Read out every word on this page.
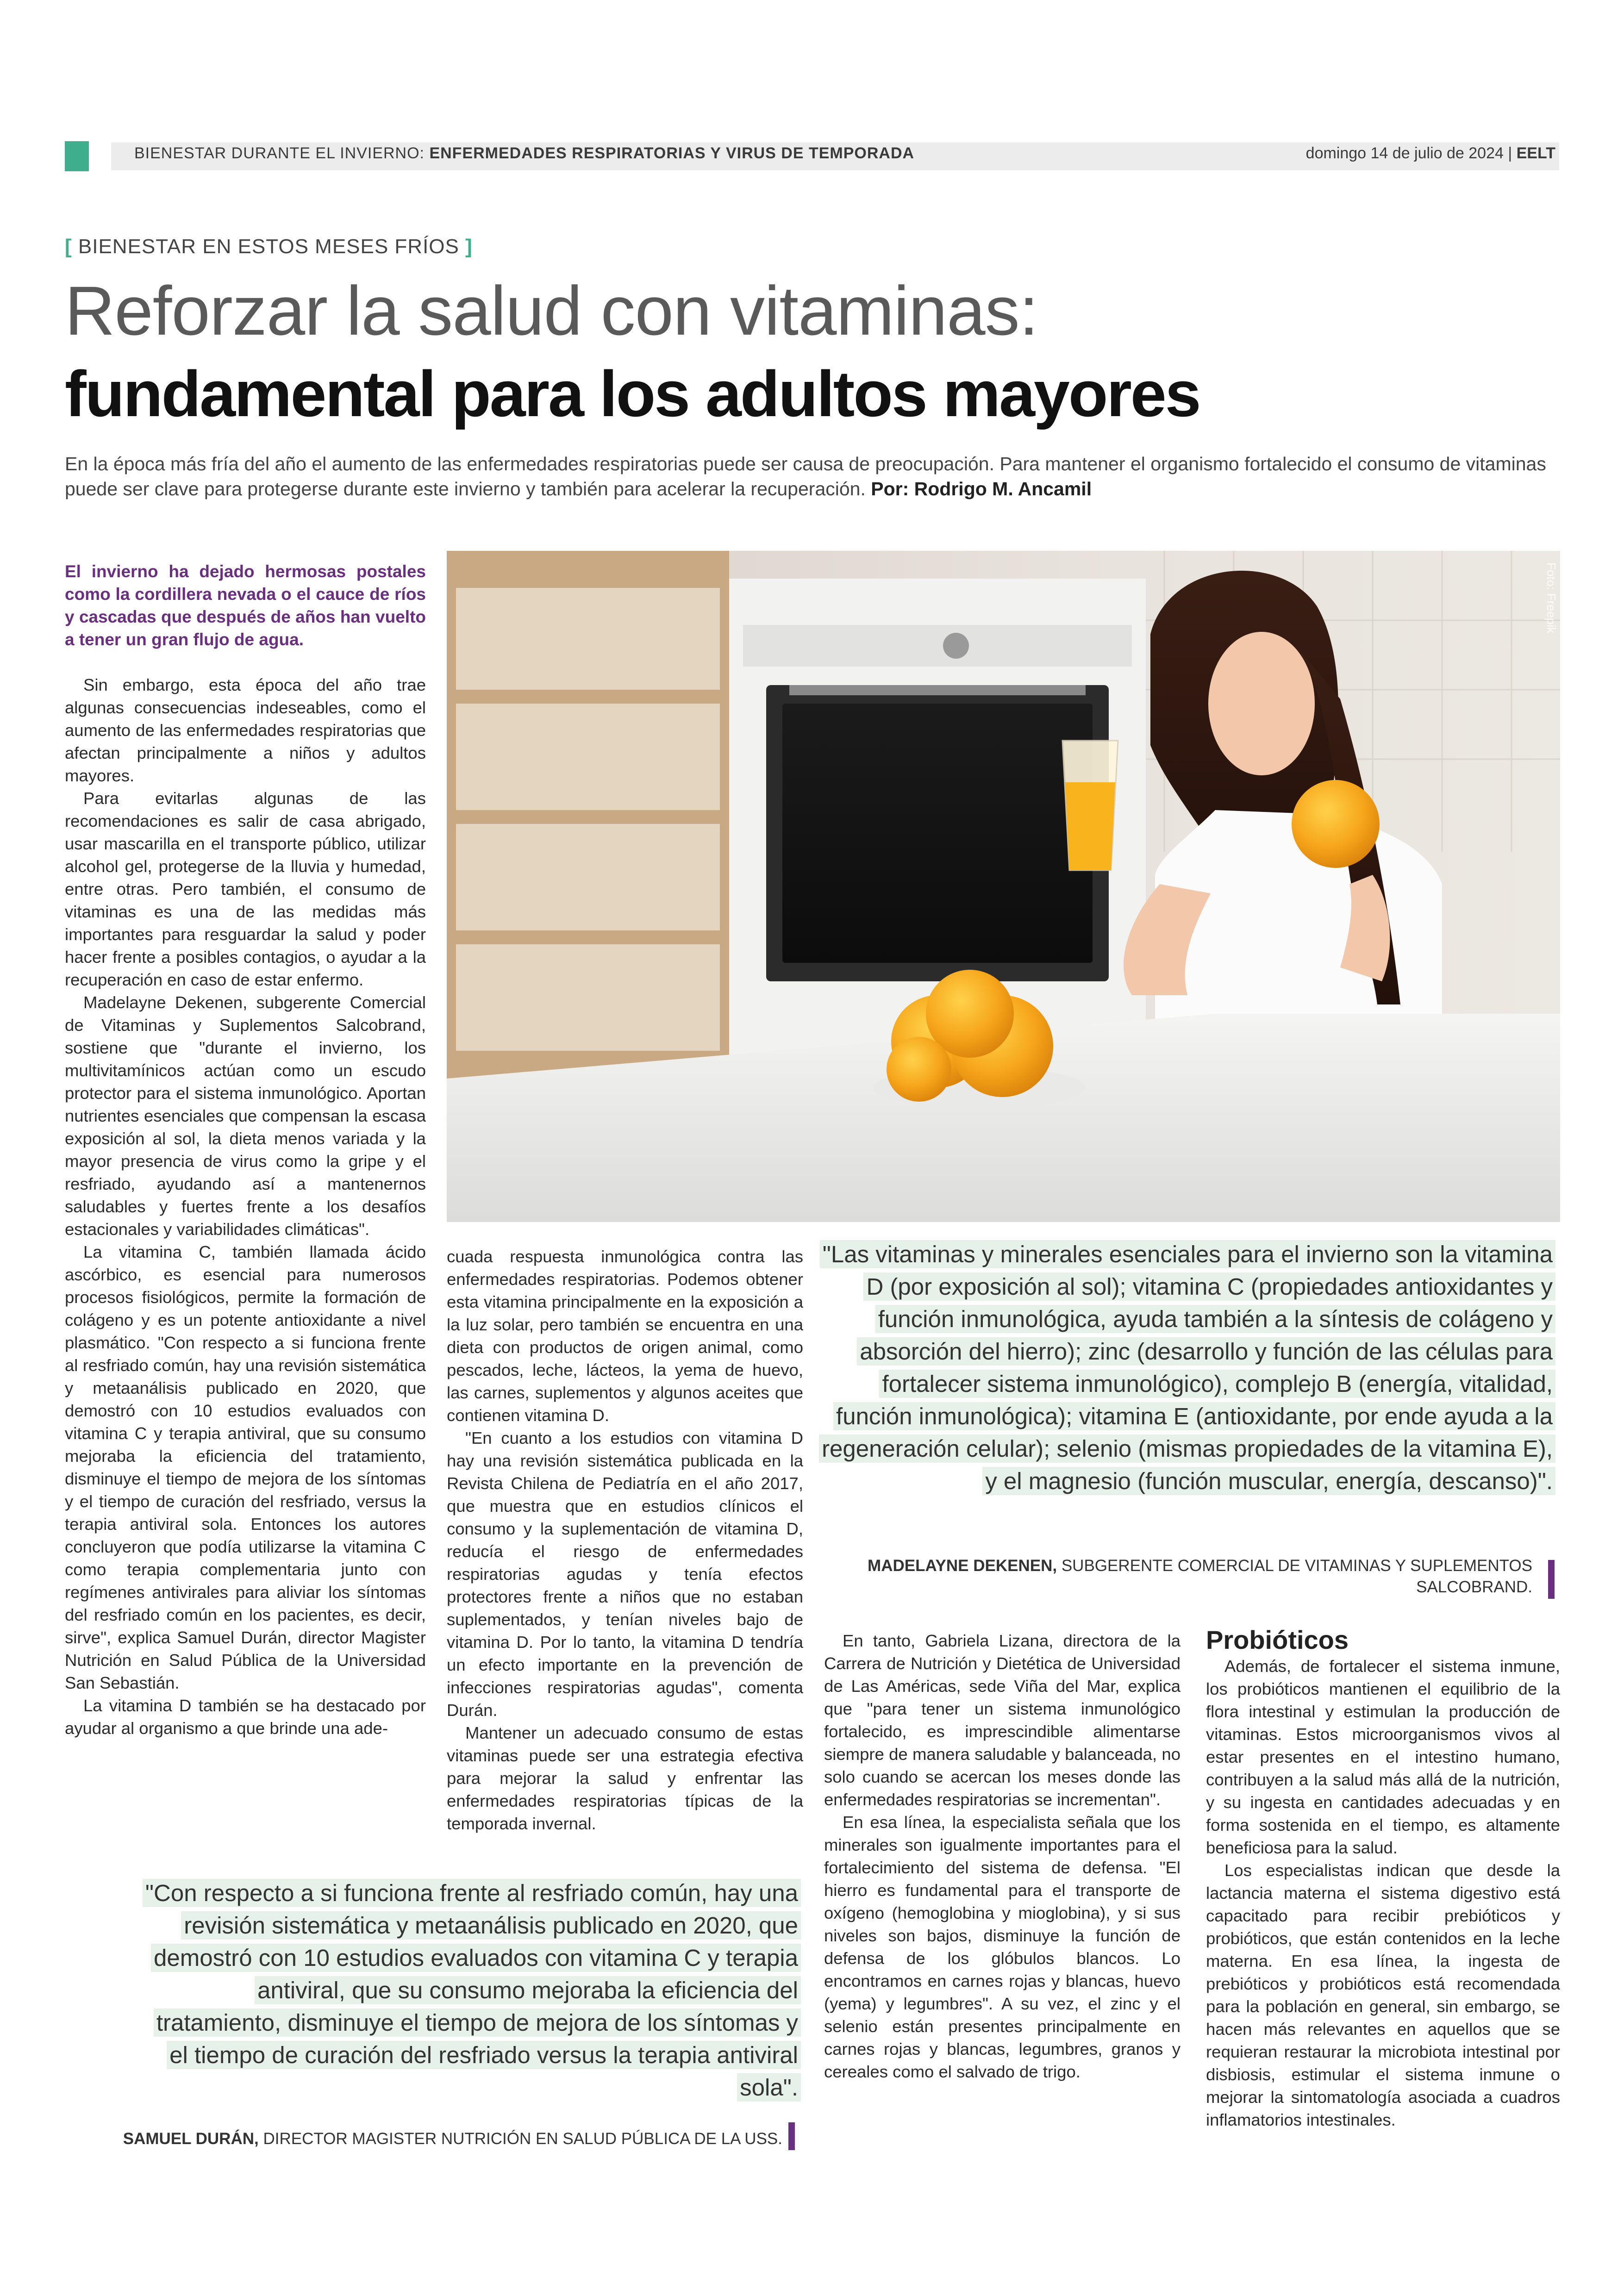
BIENESTAR DURANTE EL INVIERNO: ENFERMEDADES RESPIRATORIAS Y VIRUS DE TEMPORADA	domingo 14 de julio de 2024 | EELT
[ BIENESTAR EN ESTOS MESES FRÍOS ]
Reforzar la salud con vitaminas:
fundamental para los adultos mayores
En la época más fría del año el aumento de las enfermedades respiratorias puede ser causa de preocupación. Para mantener el organismo fortalecido el consumo de vitaminas puede ser clave para protegerse durante este invierno y también para acelerar la recuperación. Por: Rodrigo M. Ancamil
Foto: Freepik
El invierno ha dejado hermosas postales como la cordillera nevada o el cauce de ríos y cascadas que después de años han vuelto a tener un gran flujo de agua.

Sin embargo, esta época del año trae algunas consecuencias indeseables, como el aumento de las enfermedades respiratorias que afectan principalmente a niños y adultos mayores.

Para evitarlas algunas de las recomendaciones es salir de casa abrigado, usar mascarilla en el transporte público, utilizar alcohol gel, protegerse de la lluvia y humedad, entre otras. Pero también, el consumo de vitaminas es una de las medidas más importantes para resguardar la salud y poder hacer frente a posibles contagios, o ayudar a la recuperación en caso de estar enfermo.

Madelayne Dekenen, subgerente Comercial de Vitaminas y Suplementos Salcobrand, sostiene que "durante el invierno, los multivitamínicos actúan como un escudo protector para el sistema inmunológico. Aportan nutrientes esenciales que compensan la escasa exposición al sol, la dieta menos variada y la mayor presencia de virus como la gripe y el resfriado, ayudando así a mantenernos saludables y fuertes frente a los desafíos estacionales y variabilidades climáticas".

La vitamina C, también llamada ácido ascórbico, es esencial para numerosos procesos fisiológicos, permite la formación de colágeno y es un potente antioxidante a nivel plasmático. "Con respecto a si funciona frente al resfriado común, hay una revisión sistemática y metaanálisis publicado en 2020, que demostró con 10 estudios evaluados con vitamina C y terapia antiviral, que su consumo mejoraba la eficiencia del tratamiento, disminuye el tiempo de mejora de los síntomas y el tiempo de curación del resfriado, versus la terapia antiviral sola. Entonces los autores concluyeron que podía utilizarse la vitamina C como terapia complementaria junto con regímenes antivirales para aliviar los síntomas del resfriado común en los pacientes, es decir, sirve", explica Samuel Durán, director Magister Nutrición en Salud Pública de la Universidad San Sebastián.

La vitamina D también se ha destacado por ayudar al organismo a que brinde una ade-

cuada respuesta inmunológica contra las enfermedades respiratorias. Podemos obtener esta vitamina principalmente en la exposición a la luz solar, pero también se encuentra en una dieta con productos de origen animal, como pescados, leche, lácteos, la yema de huevo, las carnes, suplementos y algunos aceites que contienen vitamina D.

"En cuanto a los estudios con vitamina D hay una revisión sistemática publicada en la Revista Chilena de Pediatría en el año 2017, que muestra que en estudios clínicos el consumo y la suplementación de vitamina D, reducía el riesgo de enfermedades respiratorias agudas y tenía efectos protectores frente a niños que no estaban suplementados, y tenían niveles bajo de vitamina D. Por lo tanto, la vitamina D tendría un efecto importante en la prevención de infecciones respiratorias agudas", comenta Durán.

Mantener un adecuado consumo de estas vitaminas puede ser una estrategia efectiva para mejorar la salud y enfrentar las enfermedades respiratorias típicas de la temporada invernal.

"Las vitaminas y minerales esenciales para el invierno son la vitamina D (por exposición al sol); vitamina C (propiedades antioxidantes y función inmunológica, ayuda también a la síntesis de colágeno y absorción del hierro); zinc (desarrollo y función de las células para fortalecer sistema inmunológico), complejo B (energía, vitalidad, función inmunológica); vitamina E (antioxidante, por ende ayuda a la regeneración celular); selenio (mismas propiedades de la vitamina E), y el magnesio (función muscular, energía, descanso)".
MADELAYNE DEKENEN, SUBGERENTE COMERCIAL DE VITAMINAS Y SUPLEMENTOS SALCOBRAND.

En tanto, Gabriela Lizana, directora de la Carrera de Nutrición y Dietética de Universidad de Las Américas, sede Viña del Mar, explica que "para tener un sistema inmunológico fortalecido, es imprescindible alimentarse siempre de manera saludable y balanceada, no solo cuando se acercan los meses donde las enfermedades respiratorias se incrementan".

En esa línea, la especialista señala que los minerales son igualmente importantes para el fortalecimiento del sistema de defensa. "El hierro es fundamental para el transporte de oxígeno (hemoglobina y mioglobina), y si sus niveles son bajos, disminuye la función de defensa de los glóbulos blancos. Lo encontramos en carnes rojas y blancas, huevo (yema) y legumbres". A su vez, el zinc y el selenio están presentes principalmente en carnes rojas y blancas, legumbres, granos y cereales como el salvado de trigo.

Probióticos

Además, de fortalecer el sistema inmune, los probióticos mantienen el equilibrio de la flora intestinal y estimulan la producción de vitaminas. Estos microorganismos vivos al estar presentes en el intestino humano, contribuyen a la salud más allá de la nutrición, y su ingesta en cantidades adecuadas y en forma sostenida en el tiempo, es altamente beneficiosa para la salud.

Los especialistas indican que desde la lactancia materna el sistema digestivo está capacitado para recibir prebióticos y probióticos, que están contenidos en la leche materna. En esa línea, la ingesta de prebióticos y probióticos está recomendada para la población en general, sin embargo, se hacen más relevantes en aquellos que se requieran restaurar la microbiota intestinal por disbiosis, estimular el sistema inmune o mejorar la sintomatología asociada a cuadros inflamatorios intestinales.

"Con respecto a si funciona frente al resfriado común, hay una revisión sistemática y metaanálisis publicado en 2020, que demostró con 10 estudios evaluados con vitamina C y terapia antiviral, que su consumo mejoraba la eficiencia del tratamiento, disminuye el tiempo de mejora de los síntomas y el tiempo de curación del resfriado versus la terapia antiviral sola".
SAMUEL DURÁN, DIRECTOR MAGISTER NUTRICIÓN EN SALUD PÚBLICA DE LA USS.
